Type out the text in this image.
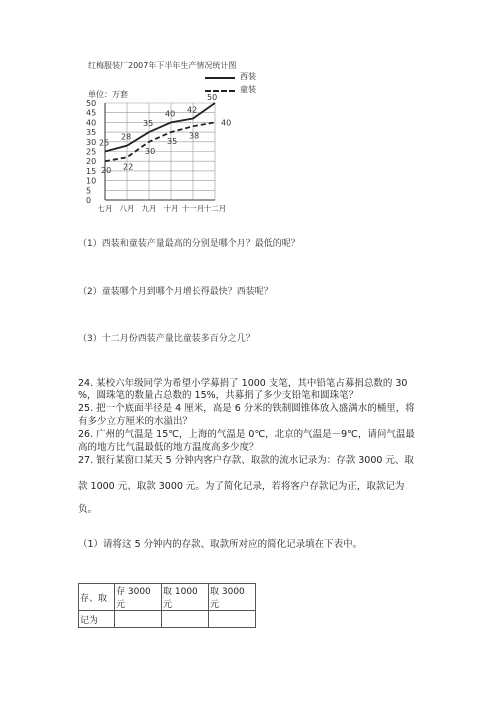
红梅服装厂2007年下半年生产情况统计图
西装
童装
单位：万套
0
5
10
15
20
25
30
35
40
45
50
七月 八月 九月 十月 十一月 十二月
25
28
35
40 42
50
20 22
30
35
38
40
（1）西装和童装产量最高的分别是哪个月？最低的呢？
（2）童装哪个月到哪个月增长得最快？西装呢？
（3）十二月份西装产量比童装多百分之几？
24. 某校六年级同学为希望小学募捐了 1000 支笔，其中铅笔占募捐总数的 30
%，圆珠笔的数量占总数的 15%，共募捐了多少支铅笔和圆珠笔？
25. 把一个底面半径是 4 厘米，高是 6 分米的铁制圆锥体放入盛满水的桶里，将
有多少立方厘米的水溢出？
26. 广州的气温是 15℃，上海的气温是 0℃，北京的气温是－9℃，请问气温最
高的地方比气温最低的地方温度高多少度？
27. 银行某窗口某天 5 分钟内客户存款、取款的流水记录为：存款 3000 元、取
款 1000 元、取款 3000 元。为了简化记录，若将客户存款记为正，取款记为
负。
（1）请将这 5 分钟内的存款、取款所对应的简化记录填在下表中。
存、取	存 3000 元	取 1000 元	取 3000 元
记为			
